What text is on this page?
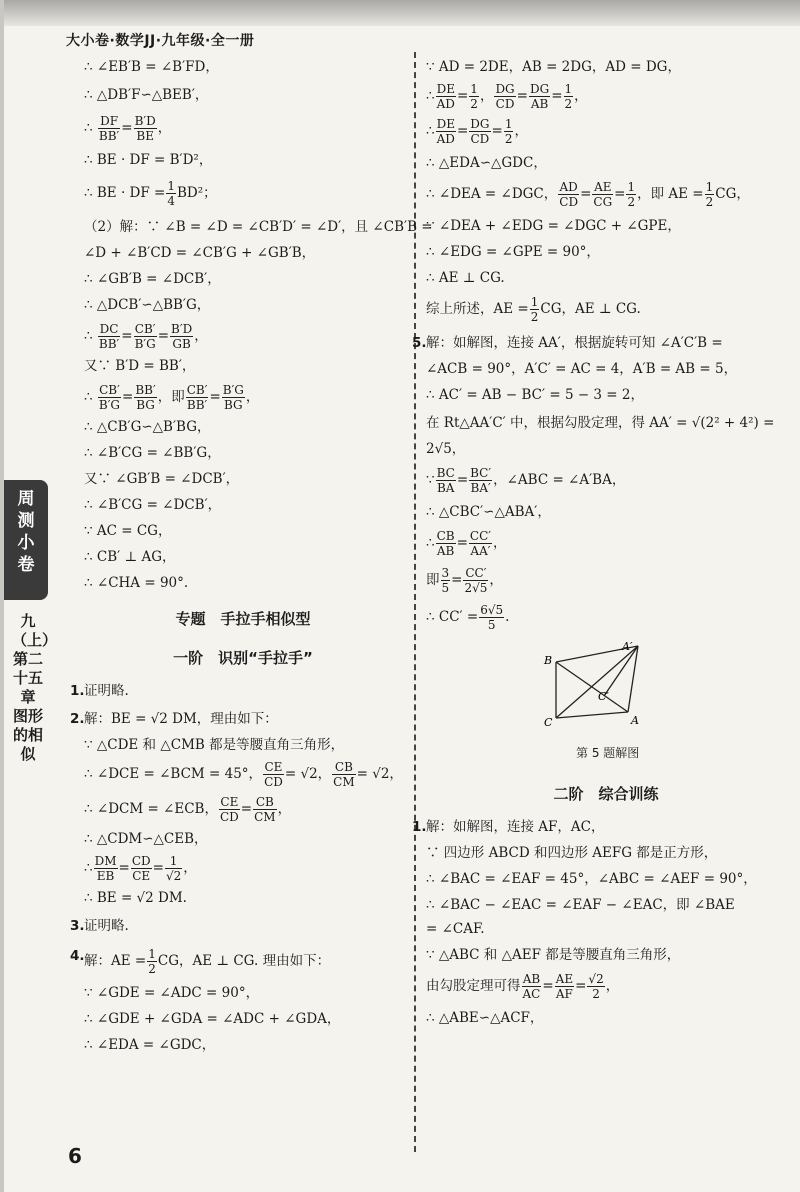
大小卷·数学JJ·九年级·全一册
周测小卷
九（上）第二十五章 图形的相似
∴ ∠EB′B = ∠B′FD，
∴ △DB′F∽△BEB′，
∴ $\frac{DF}{BB'} = \frac{B'D}{BE}$ ，
∴ BE · DF = B′D²，
∴ BE · DF = $\frac{1}{4} BD^2$；
（2）解：∵ ∠B = ∠D = ∠CB′D′ = ∠D′，且 ∠CB′B =
∠D + ∠B′CD = ∠CB′G + ∠GB′B，
∴ ∠GB′B = ∠DCB′，
∴ △DCB′∽△BB′G，
∴ $\frac{DC}{BB'} = \frac{CB'}{B'G} = \frac{B'D}{GB}$ ，
又∵ B′D = BB′，
∴ $\frac{CB'}{B'G} = \frac{BB'}{BG}$ ，即 $\frac{CB'}{BB'} = \frac{B'G}{BG}$ ，
∴ △CB′G∽△B′BG，
∴ ∠B′CG = ∠BB′G，
又∵ ∠GB′B = ∠DCB′，
∴ ∠B′CG = ∠DCB′，
∵ AC = CG，
∴ CB′ ⊥ AG，
∴ ∠CHA = 90°.
专题　手拉手相似型
一阶　识别“手拉手”
1. 证明略.
2. 解：BE = √2 DM，理由如下：
∵ △CDE 和 △CMB 都是等腰直角三角形，
∴ ∠DCE = ∠BCM = 45°， $\frac{CE}{CD} = √2$， $\frac{CB}{CM} = √2$，
∴ ∠DCM = ∠ECB， $\frac{CE}{CD} = \frac{CB}{CM}$ ，
∴ △CDM∽△CEB，
∴ $\frac{DM}{EB} = \frac{CD}{CE} = \frac{1}{√2}$ ，
∴ BE = √2 DM.
3. 证明略.
4. 解：AE = $\frac{1}{2}$ CG，AE ⊥ CG. 理由如下：
∵ ∠GDE = ∠ADC = 90°，
∴ ∠GDE + ∠GDA = ∠ADC + ∠GDA，
∴ ∠EDA = ∠GDC，
∵ AD = 2DE，AB = 2DG，AD = DG，
∴ $\frac{DE}{AD} = \frac{1}{2}$ ， $\frac{DG}{CD} = \frac{DG}{AB} = \frac{1}{2}$ ，
∴ $\frac{DE}{AD} = \frac{DG}{CD} = \frac{1}{2}$ ，
∴ △EDA∽△GDC，
∴ ∠DEA = ∠DGC， $\frac{AD}{CD} = \frac{AE}{CG} = \frac{1}{2}$ ，即 AE = $\frac{1}{2}$ CG，
∵ ∠DEA + ∠EDG = ∠DGC + ∠GPE，
∴ ∠EDG = ∠GPE = 90°，
∴ AE ⊥ CG.
综上所述，AE = $\frac{1}{2}$ CG，AE ⊥ CG.
5. 解：如解图，连接 AA′，根据旋转可知 ∠A′C′B =
∠ACB = 90°，A′C′ = AC = 4，A′B = AB = 5，
∴ AC′ = AB − BC′ = 5 − 3 = 2，
在 Rt△AA′C′ 中，根据勾股定理，得 AA′ = √(2² + 4²) =
2√5，
∵ $\frac{BC}{BA} = \frac{BC'}{BA'}$ ，∠ABC = ∠A′BA，
∴ △CBC′∽△ABA′，
∴ $\frac{CB}{AB} = \frac{CC'}{AA'}$ ，
即 $\frac{3}{5} = \frac{CC'}{2√5}$ ，
∴ $CC' = \frac{6√5}{5}$ .
A′
B
C′
C	A
第 5 题解图
二阶　综合训练
1. 解：如解图，连接 AF，AC，
∵ 四边形 ABCD 和四边形 AEFG 都是正方形，
∴ ∠BAC = ∠EAF = 45°，∠ABC = ∠AEF = 90°，
∴ ∠BAC − ∠EAC = ∠EAF − ∠EAC，即 ∠BAE
= ∠CAF.
∵ △ABC 和 △AEF 都是等腰直角三角形，
由勾股定理可得 $\frac{AB}{AC} = \frac{AE}{AF} = \frac{√2}{2}$ ，
∴ △ABE∽△ACF，
6
